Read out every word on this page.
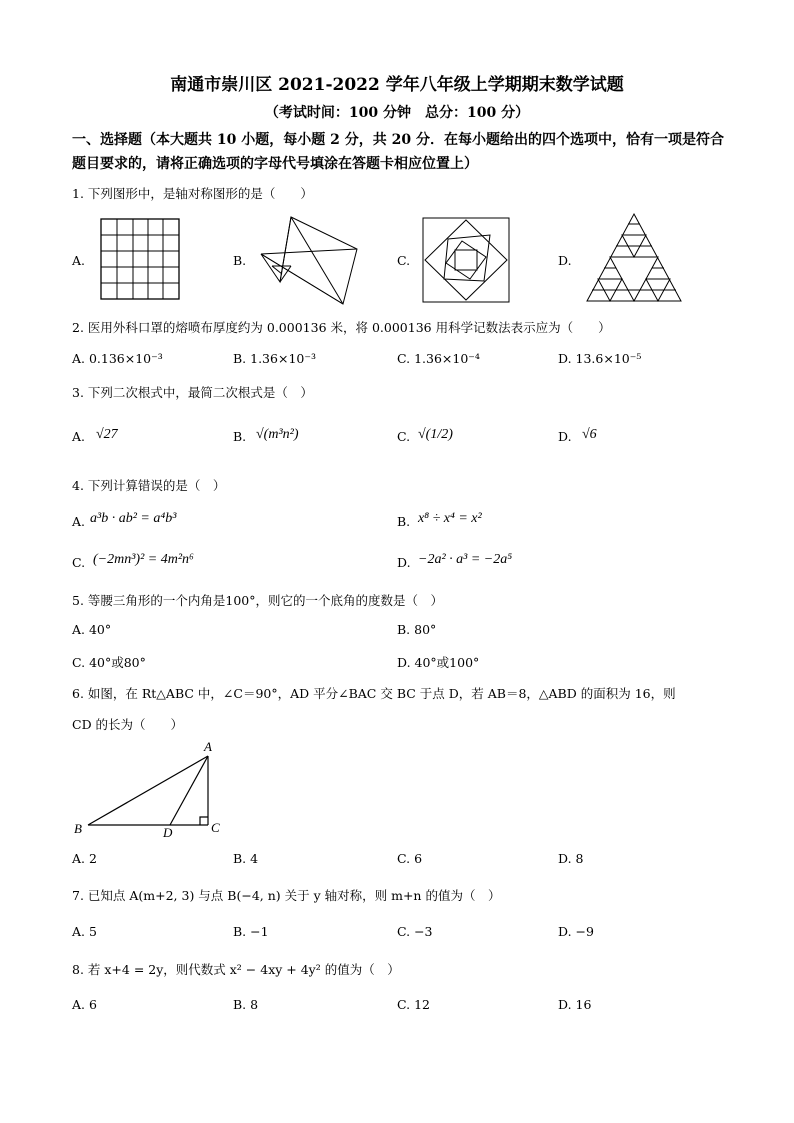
南通市崇川区 2021-2022 学年八年级上学期期末数学试题
（考试时间：100 分钟　总分：100 分）
一、选择题（本大题共 10 小题，每小题 2 分，共 20 分．在每小题给出的四个选项中，恰有一项是符合题目要求的，请将正确选项的字母代号填涂在答题卡相应位置上）
1. 下列图形中，是轴对称图形的是（　　）
A.	B.	C.	D.
2. 医用外科口罩的熔喷布厚度约为 0.000136 米，将 0.000136 用科学记数法表示应为（　　）
A. 0.136×10⁻³	B. 1.36×10⁻³	C. 1.36×10⁻⁴	D. 13.6×10⁻⁵
3. 下列二次根式中，最简二次根式是（　）
A. √27	B. √(m³n²)	C. √(1/2)	D. √6
4. 下列计算错误的是（　）
A. a³b · ab² = a⁴b³	B. x⁸ ÷ x⁴ = x²
C. (−2mn³)² = 4m²n⁶	D. −2a² · a³ = −2a⁵
5. 等腰三角形的一个内角是100°，则它的一个底角的度数是（　）
A. 40°	B. 80°
C. 40°或80°	D. 40°或100°
6. 如图，在 Rt△ABC 中，∠C＝90°，AD 平分∠BAC 交 BC 于点 D，若 AB＝8，△ABD 的面积为 16，则
CD 的长为（　　）
A
B	D	C
A. 2	B. 4	C. 6	D. 8
7. 已知点 A(m+2, 3) 与点 B(−4, n) 关于 y 轴对称，则 m+n 的值为（　）
A. 5	B. −1	C. −3	D. −9
8. 若 x+4 = 2y，则代数式 x² − 4xy + 4y² 的值为（　）
A. 6	B. 8	C. 12	D. 16
